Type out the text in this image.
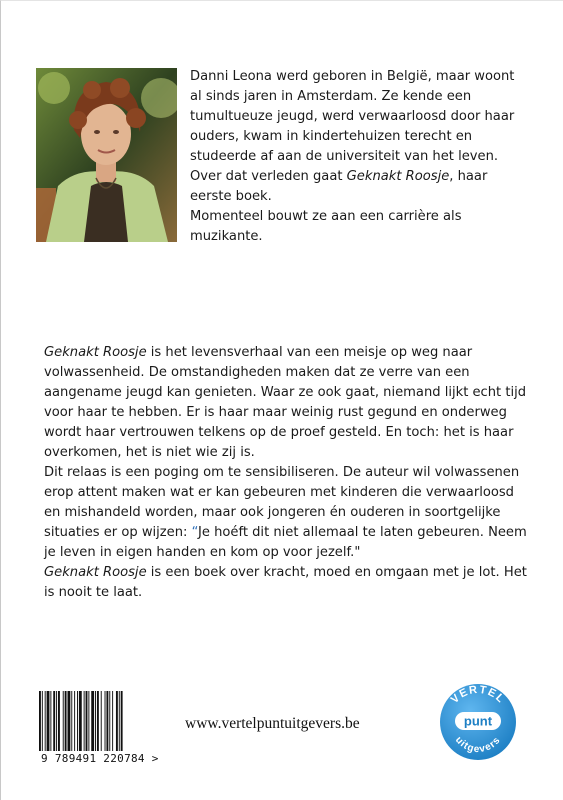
Danni Leona werd geboren in België, maar woont al sinds jaren in Amsterdam. Ze kende een tumultueuze jeugd, werd verwaarloosd door haar ouders, kwam in kindertehuizen terecht en studeerde af aan de universiteit van het leven.

Over dat verleden gaat Geknakt Roosje, haar eerste boek.

Momenteel bouwt ze aan een carrière als muzikante.

Geknakt Roosje is het levensverhaal van een meisje op weg naar volwassenheid. De omstandigheden maken dat ze verre van een aangename jeugd kan genieten. Waar ze ook gaat, niemand lijkt echt tijd voor haar te hebben. Er is haar maar weinig rust gegund en onderweg wordt haar vertrouwen telkens op de proef gesteld. En toch: het is haar overkomen, het is niet wie zij is.

Dit relaas is een poging om te sensibiliseren. De auteur wil volwassenen erop attent maken wat er kan gebeuren met kinderen die verwaarloosd en mishandeld worden, maar ook jongeren én ouderen in soortgelijke situaties er op wijzen: “Je hoéft dit niet allemaal te laten gebeuren. Neem je leven in eigen handen en kom op voor jezelf."

Geknakt Roosje is een boek over kracht, moed en omgaan met je lot. Het is nooit te laat.

9 789491 220784 >
www.vertelpuntuitgevers.be
VERTEL
uitgevers
punt
